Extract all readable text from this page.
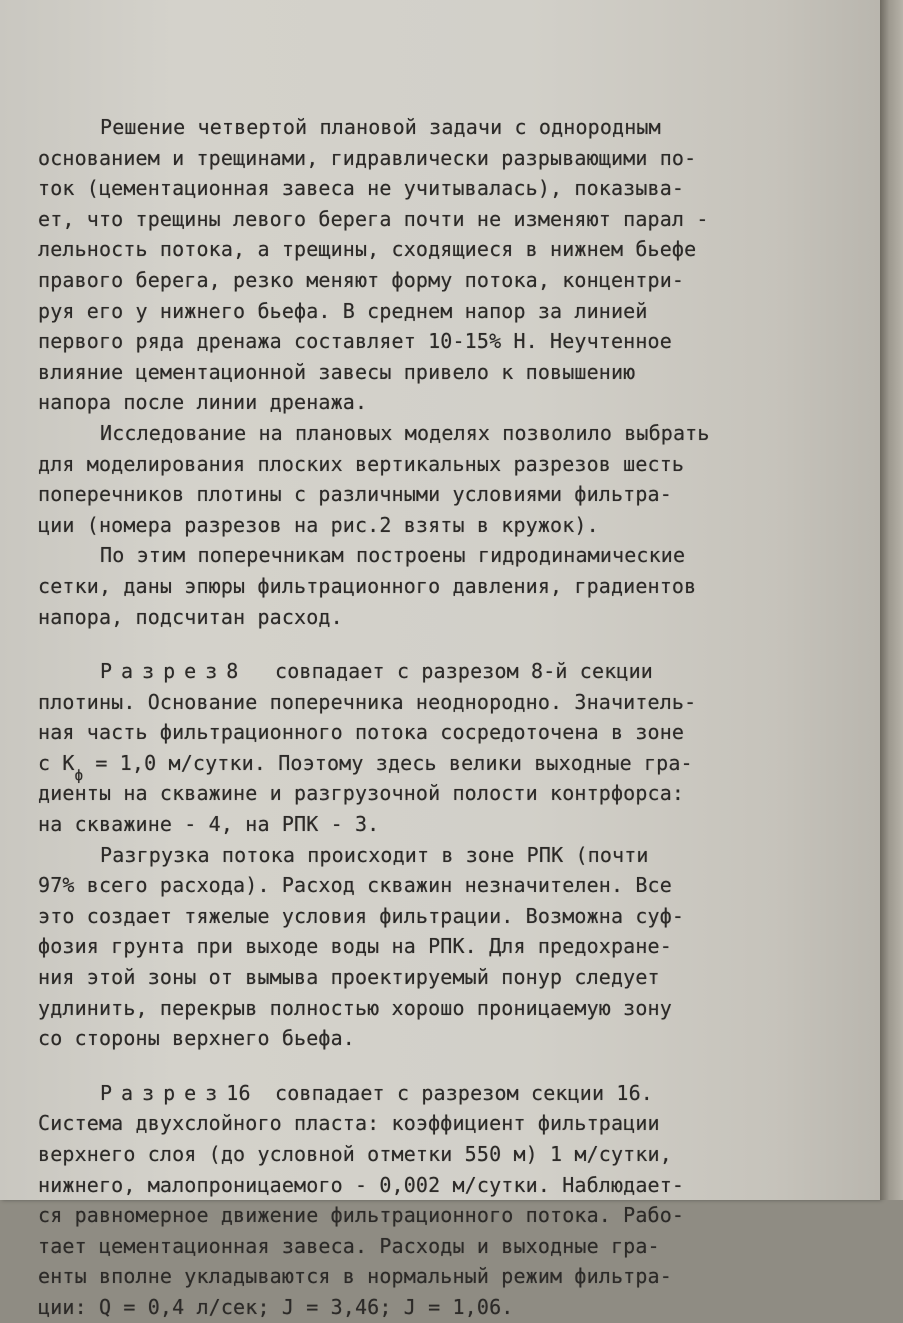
Решение четвертой плановой задачи с однородным
основанием и трещинами, гидравлически разрывающими по-
ток (цементационная завеса не учитывалась), показыва-
ет, что трещины левого берега почти не изменяют парал -
лельность потока, а трещины, сходящиеся в нижнем бьефе
правого берега, резко меняют форму потока, концентри-
руя его у нижнего бьефа. В среднем напор за линией
первого ряда дренажа составляет 10-15% Н. Неучтенное
влияние цементационной завесы привело к повышению
напора после линии дренажа.
Исследование на плановых моделях позволило выбрать
для моделирования плоских вертикальных разрезов шесть
поперечников плотины с различными условиями фильтра-
ции (номера разрезов на рис.2 взяты в кружок).
По этим поперечникам построены гидродинамические
сетки, даны эпюры фильтрационного давления, градиентов
напора, подсчитан расход.
Разрез8 совпадает с разрезом 8-й секции
плотины. Основание поперечника неоднородно. Значитель-
ная часть фильтрационного потока сосредоточена в зоне
с $К_ф = 1,0$ м/сутки. Поэтому здесь велики выходные гра-
диенты на скважине и разгрузочной полости контрфорса:
на скважине - 4, на РПК - 3.
Разгрузка потока происходит в зоне РПК (почти
97% всего расхода). Расход скважин незначителен. Все
это создает тяжелые условия фильтрации. Возможна суф-
фозия грунта при выходе воды на РПК. Для предохране-
ния этой зоны от вымыва проектируемый понур следует
удлинить, перекрыв полностью хорошо проницаемую зону
со стороны верхнего бьефа.
Разрез16 совпадает с разрезом секции 16.
Система двухслойного пласта: коэффициент фильтрации
верхнего слоя (до условной отметки 550 м) 1 м/сутки,
нижнего, малопроницаемого - 0,002 м/сутки. Наблюдает-
ся равномерное движение фильтрационного потока. Рабо-
тает цементационная завеса. Расходы и выходные гра-
енты вполне укладываются в нормальный режим фильтра-
ции: Q = 0,4 л/сек; J = 3,46; J = 1,06.
